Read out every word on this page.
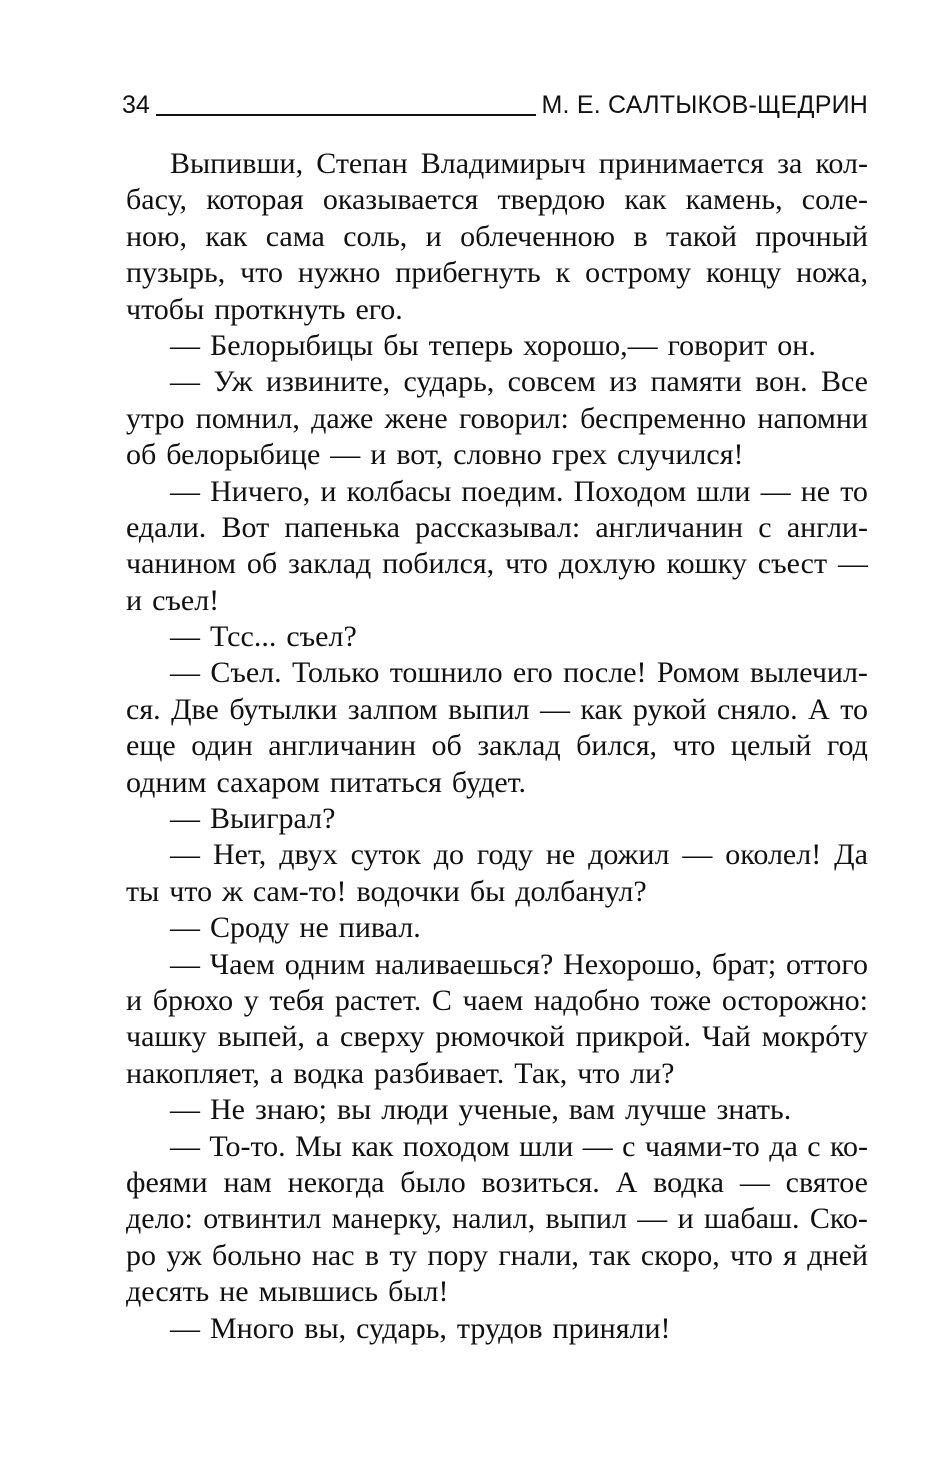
34	М. Е. САЛТЫКОВ-ЩЕДРИН
Выпивши, Степан Владимирыч принимается за кол-
басу, которая оказывается твердою как камень, соле-
ною, как сама соль, и облеченною в такой прочный
пузырь, что нужно прибегнуть к острому концу ножа,
чтобы проткнуть его.
— Белорыбицы бы теперь хорошо,— говорит он.
— Уж извините, сударь, совсем из памяти вон. Все
утро помнил, даже жене говорил: беспременно напомни
об белорыбице — и вот, словно грех случился!
— Ничего, и колбасы поедим. Походом шли — не то
едали. Вот папенька рассказывал: англичанин с англи-
чанином об заклад побился, что дохлую кошку съест —
и съел!
— Тсс... съел?
— Съел. Только тошнило его после! Ромом вылечил-
ся. Две бутылки залпом выпил — как рукой сняло. А то
еще один англичанин об заклад бился, что целый год
одним сахаром питаться будет.
— Выиграл?
— Нет, двух суток до году не дожил — околел! Да
ты что ж сам-то! водочки бы долбанул?
— Сроду не пивал.
— Чаем одним наливаешься? Нехорошо, брат; оттого
и брюхо у тебя растет. С чаем надобно тоже осторожно:
чашку выпей, а сверху рюмочкой прикрой. Чай мокрóту
накопляет, а водка разбивает. Так, что ли?
— Не знаю; вы люди ученые, вам лучше знать.
— То-то. Мы как походом шли — с чаями-то да с ко-
феями нам некогда было возиться. А водка — святое
дело: отвинтил манерку, налил, выпил — и шабаш. Ско-
ро уж больно нас в ту пору гнали, так скоро, что я дней
десять не мывшись был!
— Много вы, сударь, трудов приняли!
